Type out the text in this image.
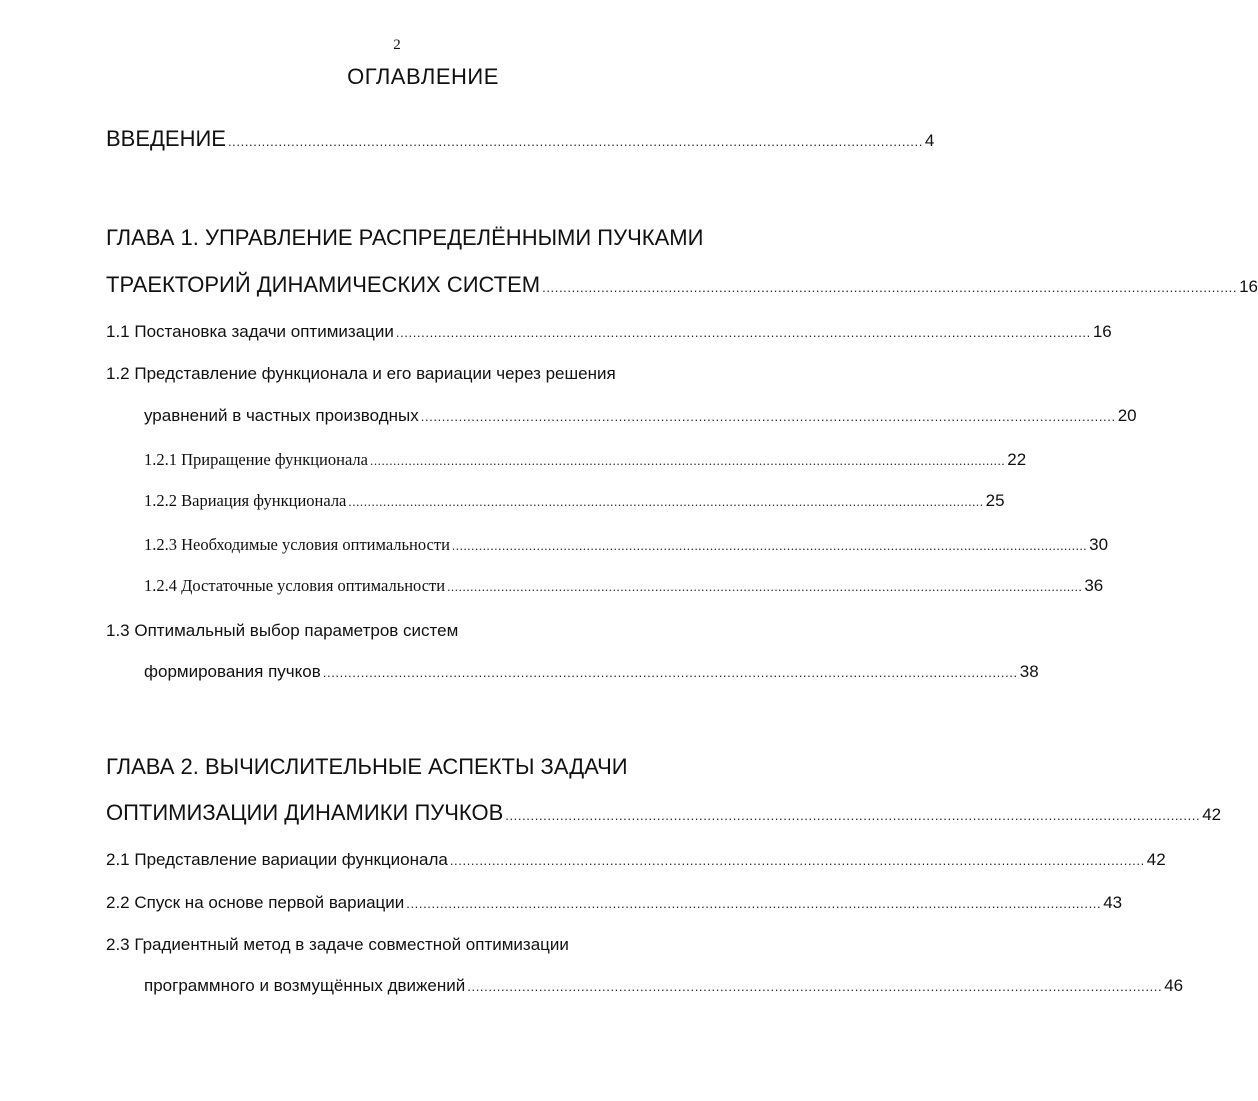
2
ОГЛАВЛЕНИЕ
ВВЕДЕНИЕ ..................................................................................................................................................................... 4
ГЛАВА 1. УПРАВЛЕНИЕ РАСПРЕДЕЛЁННЫМИ ПУЧКАМИ
ТРАЕКТОРИЙ ДИНАМИЧЕСКИХ СИСТЕМ ..................................................................................................................................................................... 16
1.1 Постановка задачи оптимизации ..................................................................................................................................................................... 16
1.2 Представление функционала и его вариации через решения
уравнений в частных производных ..................................................................................................................................................................... 20
1.2.1 Приращение функционала ..................................................................................................................................................................... 22
1.2.2 Вариация функционала ..................................................................................................................................................................... 25
1.2.3 Необходимые условия оптимальности ..................................................................................................................................................................... 30
1.2.4 Достаточные условия оптимальности ..................................................................................................................................................................... 36
1.3 Оптимальный выбор параметров систем
формирования пучков ..................................................................................................................................................................... 38
ГЛАВА 2. ВЫЧИСЛИТЕЛЬНЫЕ АСПЕКТЫ ЗАДАЧИ
ОПТИМИЗАЦИИ ДИНАМИКИ ПУЧКОВ ..................................................................................................................................................................... 42
2.1 Представление вариации функционала ..................................................................................................................................................................... 42
2.2 Спуск на основе первой вариации ..................................................................................................................................................................... 43
2.3 Градиентный метод в задаче совместной оптимизации
программного и возмущённых движений ..................................................................................................................................................................... 46
